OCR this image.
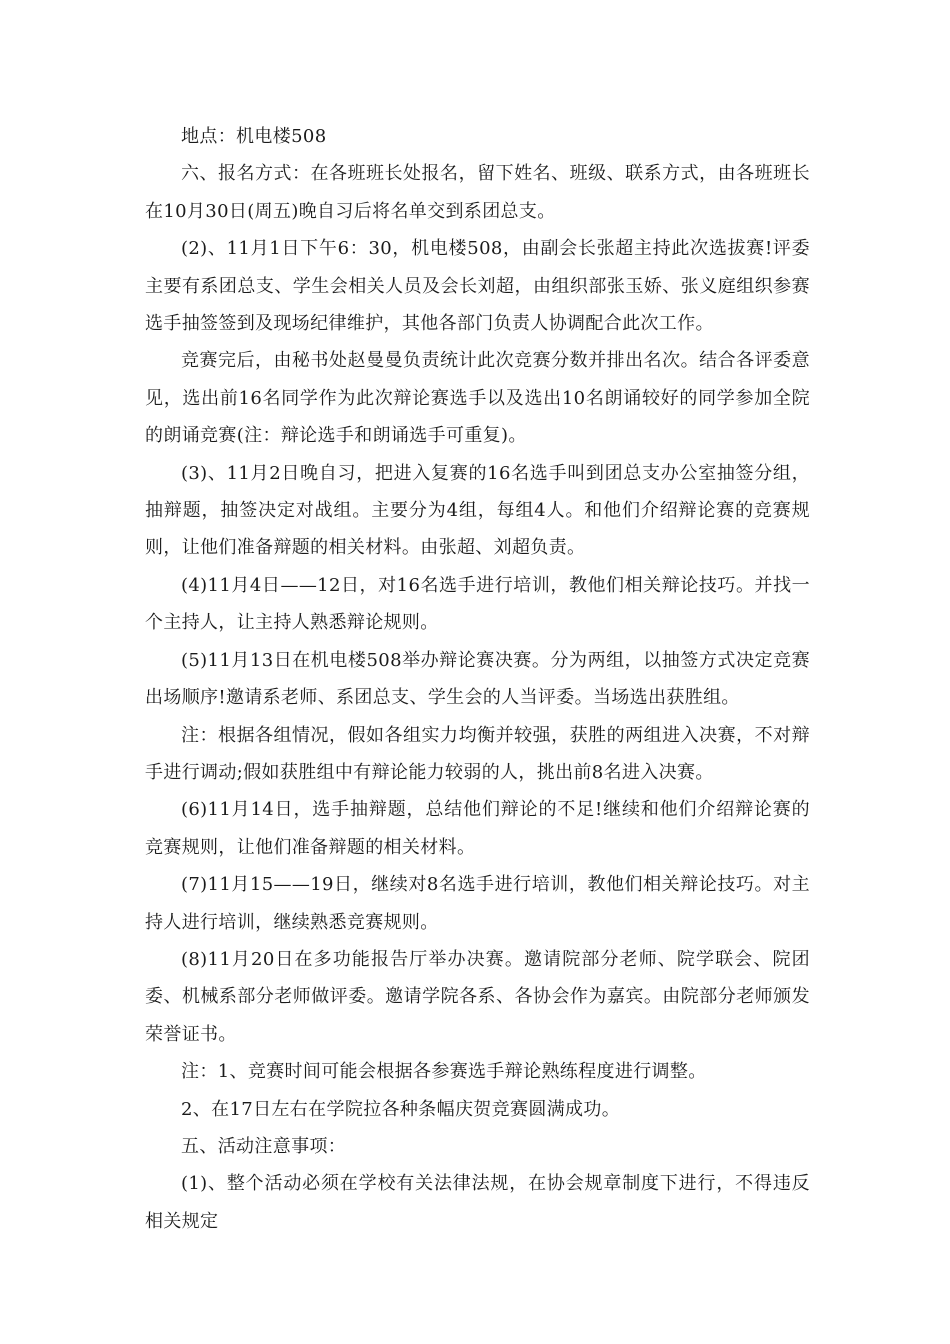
地点：机电楼508

六、报名方式：在各班班长处报名，留下姓名、班级、联系方式，由各班班长在10月30日(周五)晚自习后将名单交到系团总支。

(2)、11月1日下午6：30，机电楼508，由副会长张超主持此次选拔赛!评委主要有系团总支、学生会相关人员及会长刘超，由组织部张玉娇、张义庭组织参赛选手抽签签到及现场纪律维护，其他各部门负责人协调配合此次工作。

竞赛完后，由秘书处赵曼曼负责统计此次竞赛分数并排出名次。结合各评委意见，选出前16名同学作为此次辩论赛选手以及选出10名朗诵较好的同学参加全院的朗诵竞赛(注：辩论选手和朗诵选手可重复)。

(3)、11月2日晚自习，把进入复赛的16名选手叫到团总支办公室抽签分组，抽辩题，抽签决定对战组。主要分为4组，每组4人。和他们介绍辩论赛的竞赛规则，让他们准备辩题的相关材料。由张超、刘超负责。

(4)11月4日——12日，对16名选手进行培训，教他们相关辩论技巧。并找一个主持人，让主持人熟悉辩论规则。

(5)11月13日在机电楼508举办辩论赛决赛。分为两组，以抽签方式决定竞赛出场顺序!邀请系老师、系团总支、学生会的人当评委。当场选出获胜组。

注：根据各组情况，假如各组实力均衡并较强，获胜的两组进入决赛，不对辩手进行调动;假如获胜组中有辩论能力较弱的人，挑出前8名进入决赛。

(6)11月14日，选手抽辩题，总结他们辩论的不足!继续和他们介绍辩论赛的竞赛规则，让他们准备辩题的相关材料。

(7)11月15——19日，继续对8名选手进行培训，教他们相关辩论技巧。对主持人进行培训，继续熟悉竞赛规则。

(8)11月20日在多功能报告厅举办决赛。邀请院部分老师、院学联会、院团委、机械系部分老师做评委。邀请学院各系、各协会作为嘉宾。由院部分老师颁发荣誉证书。

注：1、竞赛时间可能会根据各参赛选手辩论熟练程度进行调整。

2、在17日左右在学院拉各种条幅庆贺竞赛圆满成功。

五、活动注意事项：

(1)、整个活动必须在学校有关法律法规，在协会规章制度下进行，不得违反相关规定
